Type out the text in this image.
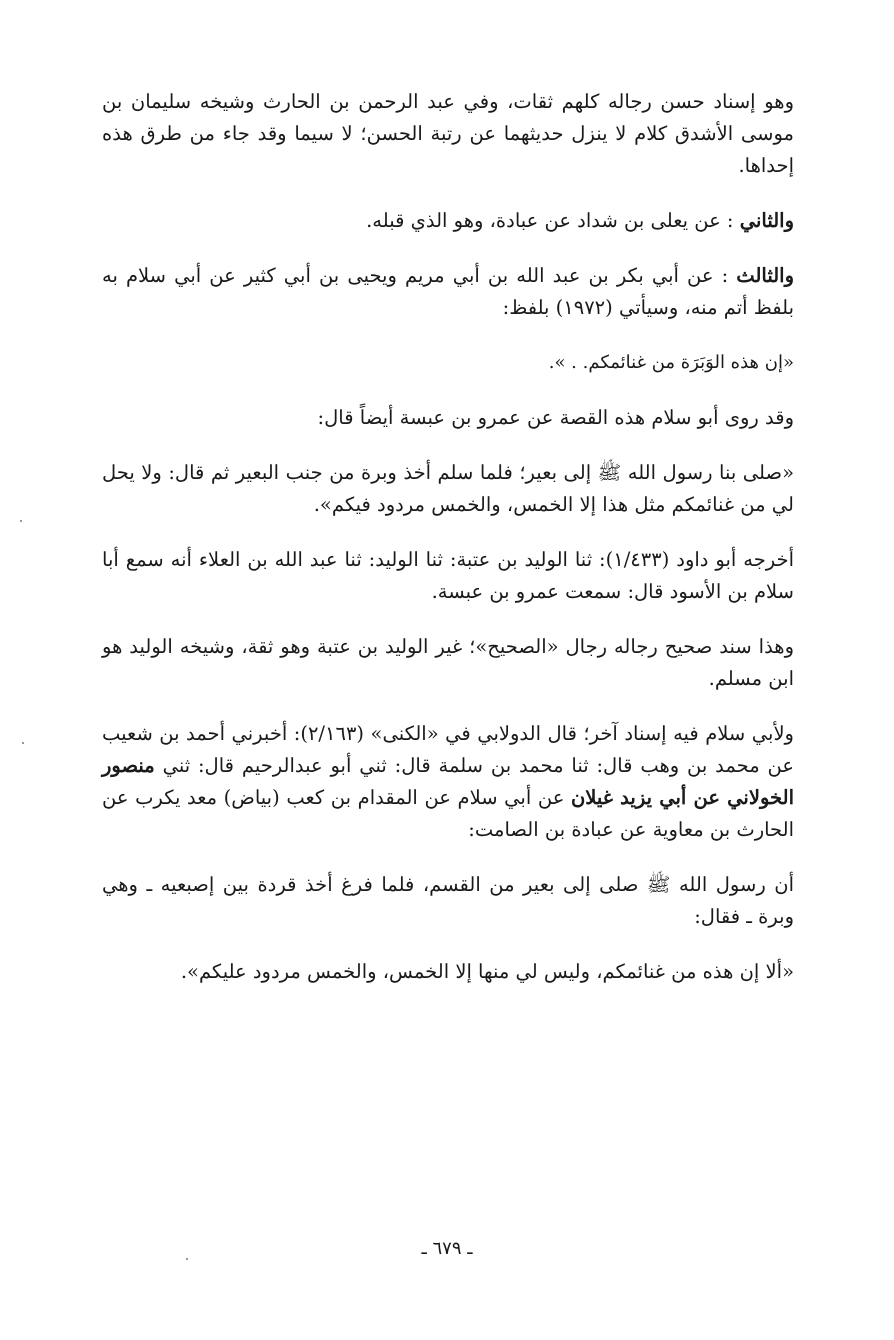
وهو إسناد حسن رجاله كلهم ثقات، وفي عبد الرحمن بن الحارث وشيخه سليمان بن موسى الأشدق كلام لا ينزل حديثهما عن رتبة الحسن؛ لا سيما وقد جاء من طرق هذه إحداها.

والثاني : عن يعلى بن شداد عن عبادة، وهو الذي قبله.

والثالث : عن أبي بكر بن عبد الله بن أبي مريم ويحيى بن أبي كثير عن أبي سلام به بلفظ أتم منه، وسيأتي (١٩٧٢) بلفظ:

«إن هذه الوَبَرَة من غنائمكم. . ».

وقد روى أبو سلام هذه القصة عن عمرو بن عبسة أيضاً قال:

«صلى بنا رسول الله ﷺ إلى بعير؛ فلما سلم أخذ وبرة من جنب البعير ثم قال: ولا يحل لي من غنائمكم مثل هذا إلا الخمس، والخمس مردود فيكم».

أخرجه أبو داود (١/٤٣٣): ثنا الوليد بن عتبة: ثنا الوليد: ثنا عبد الله بن العلاء أنه سمع أبا سلام بن الأسود قال: سمعت عمرو بن عبسة.

وهذا سند صحيح رجاله رجال «الصحيح»؛ غير الوليد بن عتبة وهو ثقة، وشيخه الوليد هو ابن مسلم.

ولأبي سلام فيه إسناد آخر؛ قال الدولابي في «الكنى» (٢/١٦٣): أخبرني أحمد بن شعيب عن محمد بن وهب قال: ثنا محمد بن سلمة قال: ثني أبو عبدالرحيم قال: ثني منصور الخولاني عن أبي يزيد غيلان عن أبي سلام عن المقدام بن كعب (بياض) معد يكرب عن الحارث بن معاوية عن عبادة بن الصامت:

أن رسول الله ﷺ صلى إلى بعير من القسم، فلما فرغ أخذ قردة بين إصبعيه ـ وهي وبرة ـ فقال:

«ألا إن هذه من غنائمكم، وليس لي منها إلا الخمس، والخمس مردود عليكم».

ـ ٦٧٩ ـ
